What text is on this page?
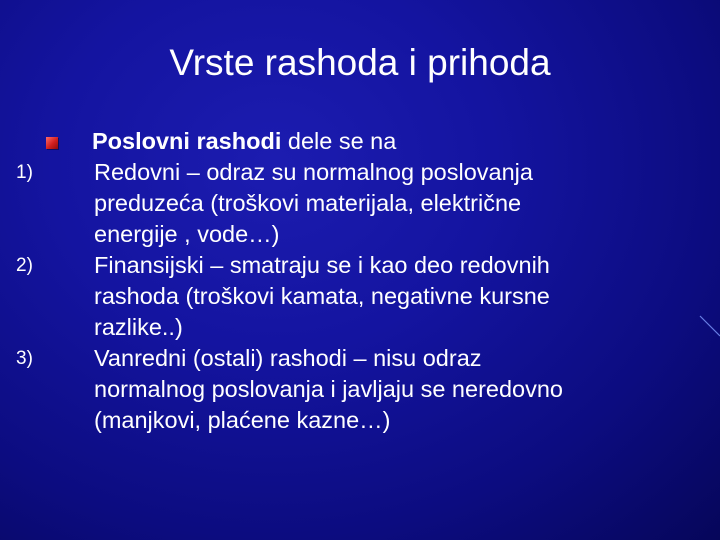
Vrste rashoda i prihoda
Poslovni rashodi dele se na
1)	Redovni – odraz su normalnog poslovanja
preduzeća (troškovi materijala, električne
energije , vode…)
2)	Finansijski – smatraju se i kao deo redovnih
rashoda (troškovi kamata, negativne kursne
razlike..)
3)	Vanredni (ostali) rashodi – nisu odraz
normalnog poslovanja i javljaju se neredovno
(manjkovi, plaćene kazne…)
